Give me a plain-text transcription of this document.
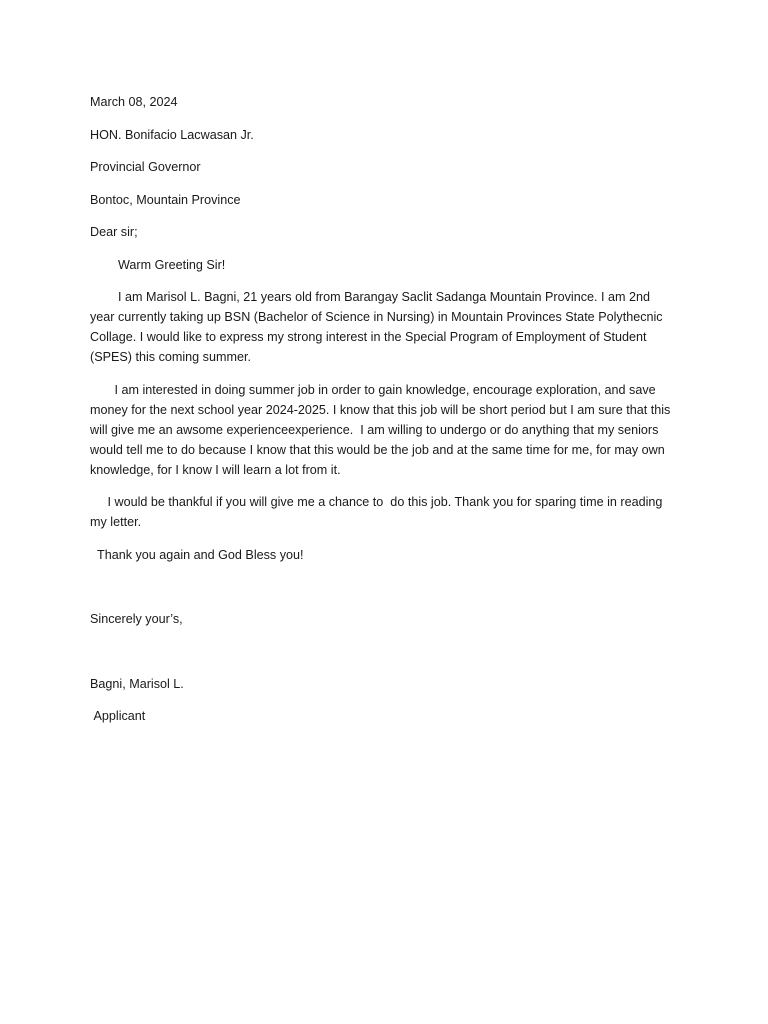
March 08, 2024

HON. Bonifacio Lacwasan Jr.

Provincial Governor

Bontoc, Mountain Province

Dear sir;

Warm Greeting Sir!

I am Marisol L. Bagni, 21 years old from Barangay Saclit Sadanga Mountain Province. I am 2nd year currently taking up BSN (Bachelor of Science in Nursing) in Mountain Provinces State Polythecnic Collage. I would like to express my strong interest in the Special Program of Employment of Student (SPES) this coming summer.

I am interested in doing summer job in order to gain knowledge, encourage exploration, and save money for the next school year 2024-2025. I know that this job will be short period but I am sure that this will give me an awsome experienceexperience.  I am willing to undergo or do anything that my seniors would tell me to do because I know that this would be the job and at the same time for me, for may own knowledge, for I know I will learn a lot from it.

I would be thankful if you will give me a chance to  do this job. Thank you for sparing time in reading my letter.

Thank you again and God Bless you!

Sincerely your’s,

Bagni, Marisol L.

Applicant
